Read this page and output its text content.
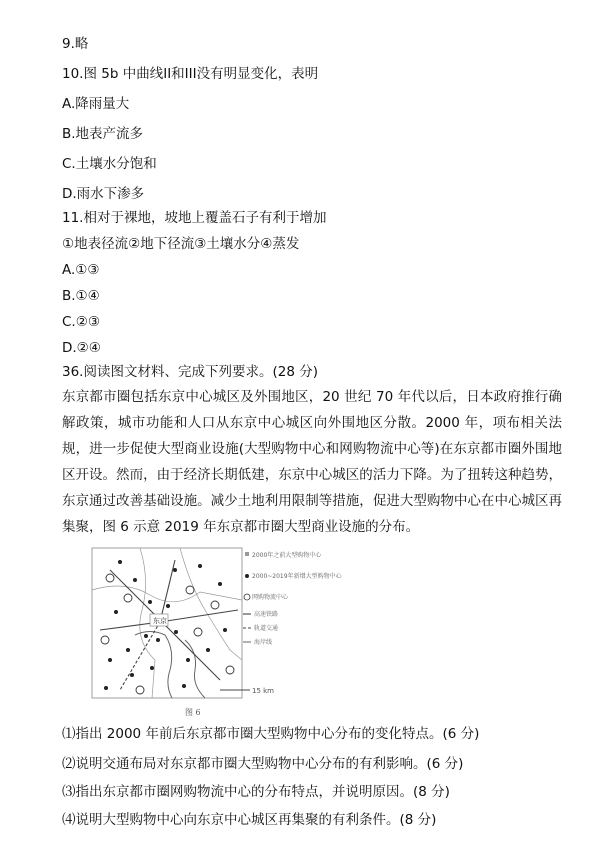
9.略
10.图 5b 中曲线II和III没有明显变化，表明
A.降雨量大
B.地表产流多
C.土壤水分饱和
D.雨水下渗多
11.相对于裸地，坡地上覆盖石子有利于增加
①地表径流②地下径流③土壤水分④蒸发
A.①③
B.①④
C.②③
D.②④
36.阅读图文材料、完成下列要求。(28 分)
东京都市圈包括东京中心城区及外围地区，20 世纪 70 年代以后，日本政府推行确解政策，城市功能和人口从东京中心城区向外围地区分散。2000 年，项布相关法规，进一步促使大型商业设施(大型购物中心和网购物流中心等)在东京都市圈外围地区开设。然而，由于经济长期低建，东京中心城区的活力下降。为了扭转这种趋势，东京通过改善基础设施。减少土地利用限制等措施，促进大型购物中心在中心城区再集聚，图 6 示意 2019 年东京都市圈大型商业设施的分布。
东京
15 km
2000年之前大型购物中心
2000~2019年新增大型购物中心
网购物流中心
高速铁路
轨道交通
海岸线
图 6
⑴指出 2000 年前后东京都市圈大型购物中心分布的变化特点。(6 分)
⑵说明交通布局对东京都市圈大型购物中心分布的有利影响。(6 分)
⑶指出东京都市圈网购物流中心的分布特点，并说明原因。(8 分)
⑷说明大型购物中心向东京中心城区再集聚的有利条件。(8 分)
